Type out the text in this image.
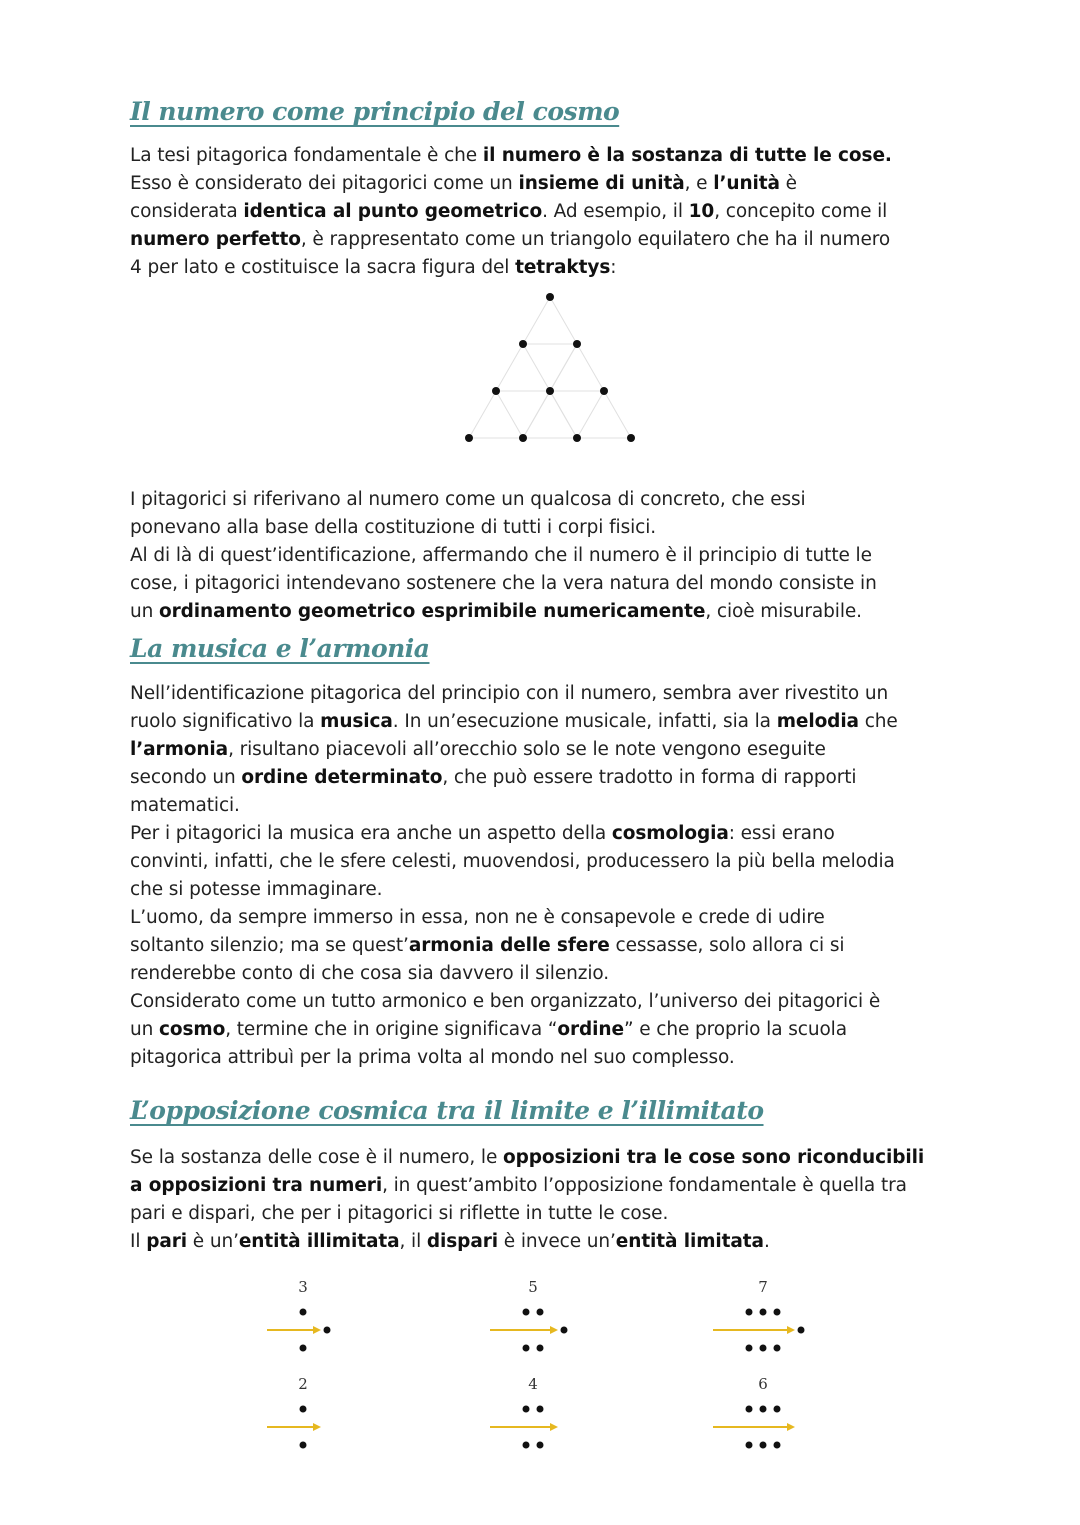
Il numero come principio del cosmo
La tesi pitagorica fondamentale è che il numero è la sostanza di tutte le cose.
Esso è considerato dei pitagorici come un insieme di unità, e l’unità è
considerata identica al punto geometrico. Ad esempio, il 10, concepito come il
numero perfetto, è rappresentato come un triangolo equilatero che ha il numero
4 per lato e costituisce la sacra figura del tetraktys:
I pitagorici si riferivano al numero come un qualcosa di concreto, che essi
ponevano alla base della costituzione di tutti i corpi fisici.
Al di là di quest’identificazione, affermando che il numero è il principio di tutte le
cose, i pitagorici intendevano sostenere che la vera natura del mondo consiste in
un ordinamento geometrico esprimibile numericamente, cioè misurabile.
La musica e l’armonia
Nell’identificazione pitagorica del principio con il numero, sembra aver rivestito un
ruolo significativo la musica. In un’esecuzione musicale, infatti, sia la melodia che
l’armonia, risultano piacevoli all’orecchio solo se le note vengono eseguite
secondo un ordine determinato, che può essere tradotto in forma di rapporti
matematici.
Per i pitagorici la musica era anche un aspetto della cosmologia: essi erano
convinti, infatti, che le sfere celesti, muovendosi, producessero la più bella melodia
che si potesse immaginare.
L’uomo, da sempre immerso in essa, non ne è consapevole e crede di udire
soltanto silenzio; ma se quest’armonia delle sfere cessasse, solo allora ci si
renderebbe conto di che cosa sia davvero il silenzio.
Considerato come un tutto armonico e ben organizzato, l’universo dei pitagorici è
un cosmo, termine che in origine significava “ordine” e che proprio la scuola
pitagorica attribuì per la prima volta al mondo nel suo complesso.
L’opposizione cosmica tra il limite e l’illimitato
Se la sostanza delle cose è il numero, le opposizioni tra le cose sono riconducibili
a opposizioni tra numeri, in quest’ambito l’opposizione fondamentale è quella tra
pari e dispari, che per i pitagorici si riflette in tutte le cose.
Il pari è un’entità illimitata, il dispari è invece un’entità limitata.
3	5	7
2	4	6
